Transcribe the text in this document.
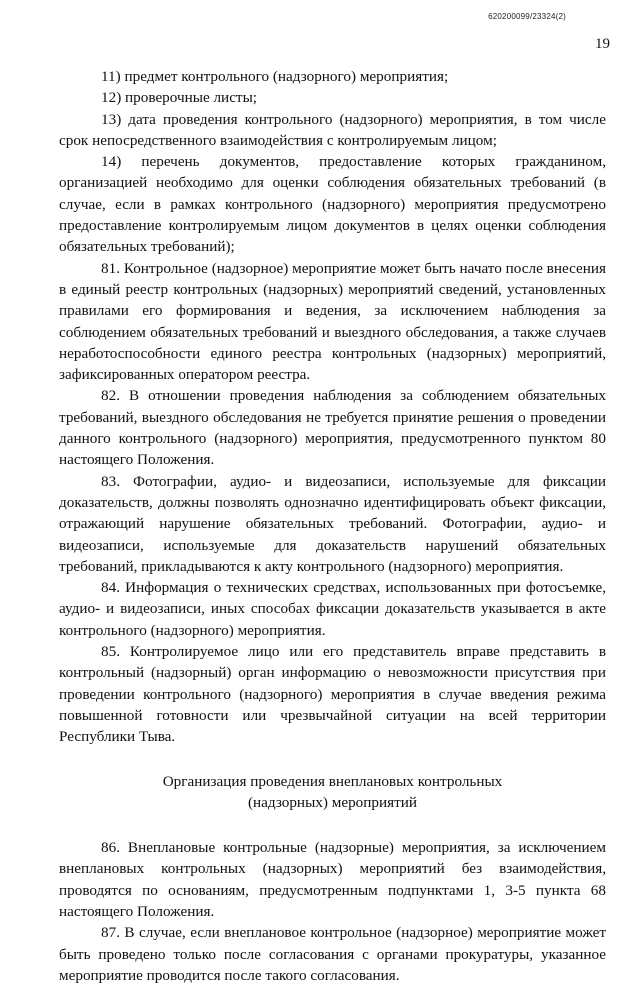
620200099/23324(2)
19

11) предмет контрольного (надзорного) мероприятия;

12) проверочные листы;

13) дата проведения контрольного (надзорного) мероприятия, в том числе срок непосредственного взаимодействия с контролируемым лицом;

14) перечень документов, предоставление которых гражданином, организацией необходимо для оценки соблюдения обязательных требований (в случае, если в рамках контрольного (надзорного) мероприятия предусмотрено предоставление контролируемым лицом документов в целях оценки соблюдения обязательных требований);

81. Контрольное (надзорное) мероприятие может быть начато после внесения в единый реестр контрольных (надзорных) мероприятий сведений, установленных правилами его формирования и ведения, за исключением наблюдения за соблюдением обязательных требований и выездного обследования, а также случаев неработоспособности единого реестра контрольных (надзорных) мероприятий, зафиксированных оператором реестра.

82. В отношении проведения наблюдения за соблюдением обязательных требований, выездного обследования не требуется принятие решения о проведении данного контрольного (надзорного) мероприятия, предусмотренного пунктом 80 настоящего Положения.

83. Фотографии, аудио- и видеозаписи, используемые для фиксации доказательств, должны позволять однозначно идентифицировать объект фиксации, отражающий нарушение обязательных требований. Фотографии, аудио- и видеозаписи, используемые для доказательств нарушений обязательных требований, прикладываются к акту контрольного (надзорного) мероприятия.

84. Информация о технических средствах, использованных при фотосъемке, аудио- и видеозаписи, иных способах фиксации доказательств указывается в акте контрольного (надзорного) мероприятия.

85. Контролируемое лицо или его представитель вправе представить в контрольный (надзорный) орган информацию о невозможности присутствия при проведении контрольного (надзорного) мероприятия в случае введения режима повышенной готовности или чрезвычайной ситуации на всей территории Республики Тыва.

Организация проведения внеплановых контрольных
(надзорных) мероприятий

86. Внеплановые контрольные (надзорные) мероприятия, за исключением внеплановых контрольных (надзорных) мероприятий без взаимодействия, проводятся по основаниям, предусмотренным подпунктами 1, 3-5 пункта 68 настоящего Положения.

87. В случае, если внеплановое контрольное (надзорное) мероприятие может быть проведено только после согласования с органами прокуратуры, указанное мероприятие проводится после такого согласования.
